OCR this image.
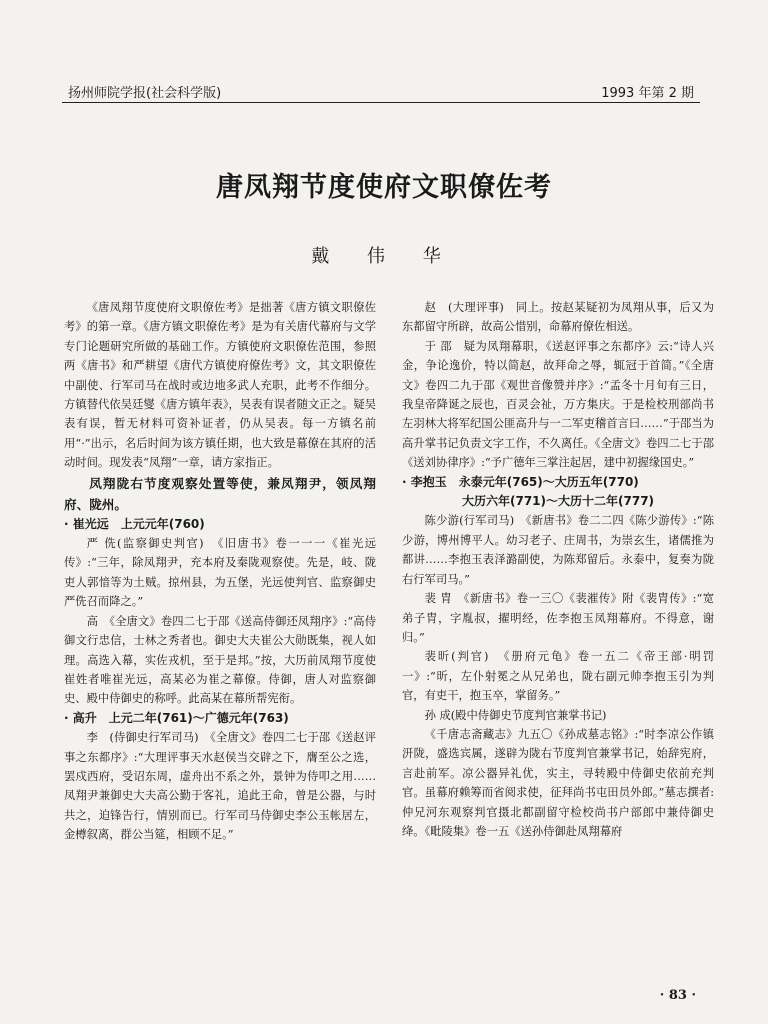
扬州师院学报(社会科学版)	1993 年第 2 期
唐凤翔节度使府文职僚佐考
戴 伟 华

《唐凤翔节度使府文职僚佐考》是拙著《唐方镇文职僚佐考》的第一章。《唐方镇文职僚佐考》是为有关唐代幕府与文学专门论题研究所做的基础工作。方镇使府文职僚佐范围，参照两《唐书》和严耕望《唐代方镇使府僚佐考》文，其文职僚佐中副使、行军司马在战时或边地多武人充职，此考不作细分。方镇替代依吴廷燮《唐方镇年表》，吴表有误者随文正之。疑吴表有误，暂无材料可资补证者，仍从吴表。每一方镇名前用“·”出示，名后时间为该方镇任期，也大致是幕僚在其府的活动时间。现发表“凤翔”一章，请方家指正。

凤翔陇右节度观察处置等使，兼凤翔尹，领凤翔府、陇州。

· 崔光远　上元元年(760)

严 侁(监察御史判官)　《旧唐书》卷一一一《崔光远传》:“三年，除凤翔尹，充本府及秦陇观察使。先是，岐、陇吏人郭愔等为土贼。掠州县，为五堡，光远使判官、监察御史严侁召而降之。”

高　《全唐文》卷四二七于邵《送高侍御还凤翔序》:“高侍御文行忠信，士林之秀者也。御史大夫崔公大勋既集，视人如理。高选入幕，实佐戎机，至于是邦。”按，大历前凤翔节度使崔姓者唯崔光远，高某必为崔之幕僚。侍御，唐人对监察御史、殿中侍御史的称呼。此高某在幕所帮宪衔。

· 高升　上元二年(761)～广德元年(763)

李　(侍御史行军司马)　《全唐文》卷四二七于邵《送赵评事之东都序》:“大理评事天水赵侯当交辟之下，膺至公之选，罢戍西府，受诏东周，虚舟出不系之外，景钟为侍叩之用……凤翔尹兼御史大夫高公勤于客礼，追此王命，曾是公器，与时共之，迫锋告行，情别而已。行军司马侍御史李公玉帐居左，金樽叙离，群公当筵，相顾不足。”

赵　(大理评事)　同上。按赵某疑初为凤翔从事，后又为东都留守所辟，故高公惜别，命幕府僚佐相送。

于 邵　疑为凤翔幕职，《送赵评事之东都序》云:“诗人兴金，争论逸价，特以简赵，故拜命之辱，辄冠于首简。”《全唐文》卷四二九于邵《观世音像赞并序》:“孟冬十月旬有三日，我皇帝降诞之辰也，百灵会祉，万方集庆。于是检校刑部尚书左羽林大将军纪国公匪高升与一二军吏稽首言曰……”于邵当为高升掌书记负责文字工作，不久离任。《全唐文》卷四二七于邵《送刘协律序》:“予广德年三掌注起居，建中初握缘国史。”

· 李抱玉　永泰元年(765)～大历五年(770)

大历六年(771)～大历十二年(777)

陈少游(行军司马)　《新唐书》卷二二四《陈少游传》:“陈少游，博州博平人。幼习老子、庄周书，为崇玄生，诸儒推为都讲……李抱玉表泽潞副使，为陈郑留后。永泰中，复奏为陇右行军司马。”

裴 胄　《新唐书》卷一三〇《裴漼传》附《裴胄传》:“宽弟子胄，字胤叔，擢明经，佐李抱玉凤翔幕府。不得意，谢归。”

裴昕(判官)　《册府元龟》卷一五二《帝王部·明罚一》:“昕，左仆射冕之从兄弟也，陇右副元帅李抱玉引为判官，有吏干，抱玉卒，掌留务。”

孙 成(殿中侍御史节度判官兼掌书记)

《千唐志斋藏志》九五〇《孙成墓志铭》:“时李凉公作镇汧陇，盛选宾属，遂辟为陇右节度判官兼掌书记，始辞宪府，言赴前军。凉公器异礼优，实主，寻转殿中侍御史依前充判官。虽幕府赖筹而省阅求使，征拜尚书屯田员外郎。”墓志撰者:仲兄河东观察判官摄北都副留守检校尚书户部郎中兼侍御史绛。《毗陵集》卷一五《送孙侍御赴凤翔幕府

· 83 ·
